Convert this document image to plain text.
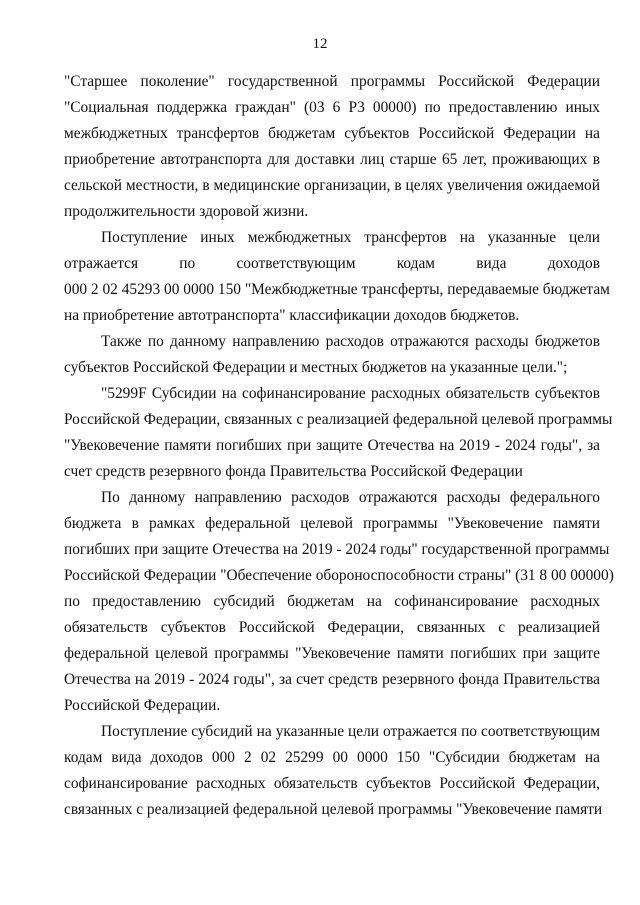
12
"Старшее поколение" государственной программы Российской Федерации
"Социальная поддержка граждан" (03 6 Р3 00000) по предоставлению иных
межбюджетных трансфертов бюджетам субъектов Российской Федерации на
приобретение автотранспорта для доставки лиц старше 65 лет, проживающих в
сельской местности, в медицинские организации, в целях увеличения ожидаемой
продолжительности здоровой жизни.
Поступление иных межбюджетных трансфертов на указанные цели
отражается по соответствующим кодам вида доходов
000 2 02 45293 00 0000 150 "Межбюджетные трансферты, передаваемые бюджетам
на приобретение автотранспорта" классификации доходов бюджетов.
Также по данному направлению расходов отражаются расходы бюджетов
субъектов Российской Федерации и местных бюджетов на указанные цели.";
"5299F Субсидии на софинансирование расходных обязательств субъектов
Российской Федерации, связанных с реализацией федеральной целевой программы
"Увековечение памяти погибших при защите Отечества на 2019 - 2024 годы", за
счет средств резервного фонда Правительства Российской Федерации
По данному направлению расходов отражаются расходы федерального
бюджета в рамках федеральной целевой программы "Увековечение памяти
погибших при защите Отечества на 2019 - 2024 годы" государственной программы
Российской Федерации "Обеспечение обороноспособности страны" (31 8 00 00000)
по предоставлению субсидий бюджетам на софинансирование расходных
обязательств субъектов Российской Федерации, связанных с реализацией
федеральной целевой программы "Увековечение памяти погибших при защите
Отечества на 2019 - 2024 годы", за счет средств резервного фонда Правительства
Российской Федерации.
Поступление субсидий на указанные цели отражается по соответствующим
кодам вида доходов 000 2 02 25299 00 0000 150 "Субсидии бюджетам на
софинансирование расходных обязательств субъектов Российской Федерации,
связанных с реализацией федеральной целевой программы "Увековечение памяти
